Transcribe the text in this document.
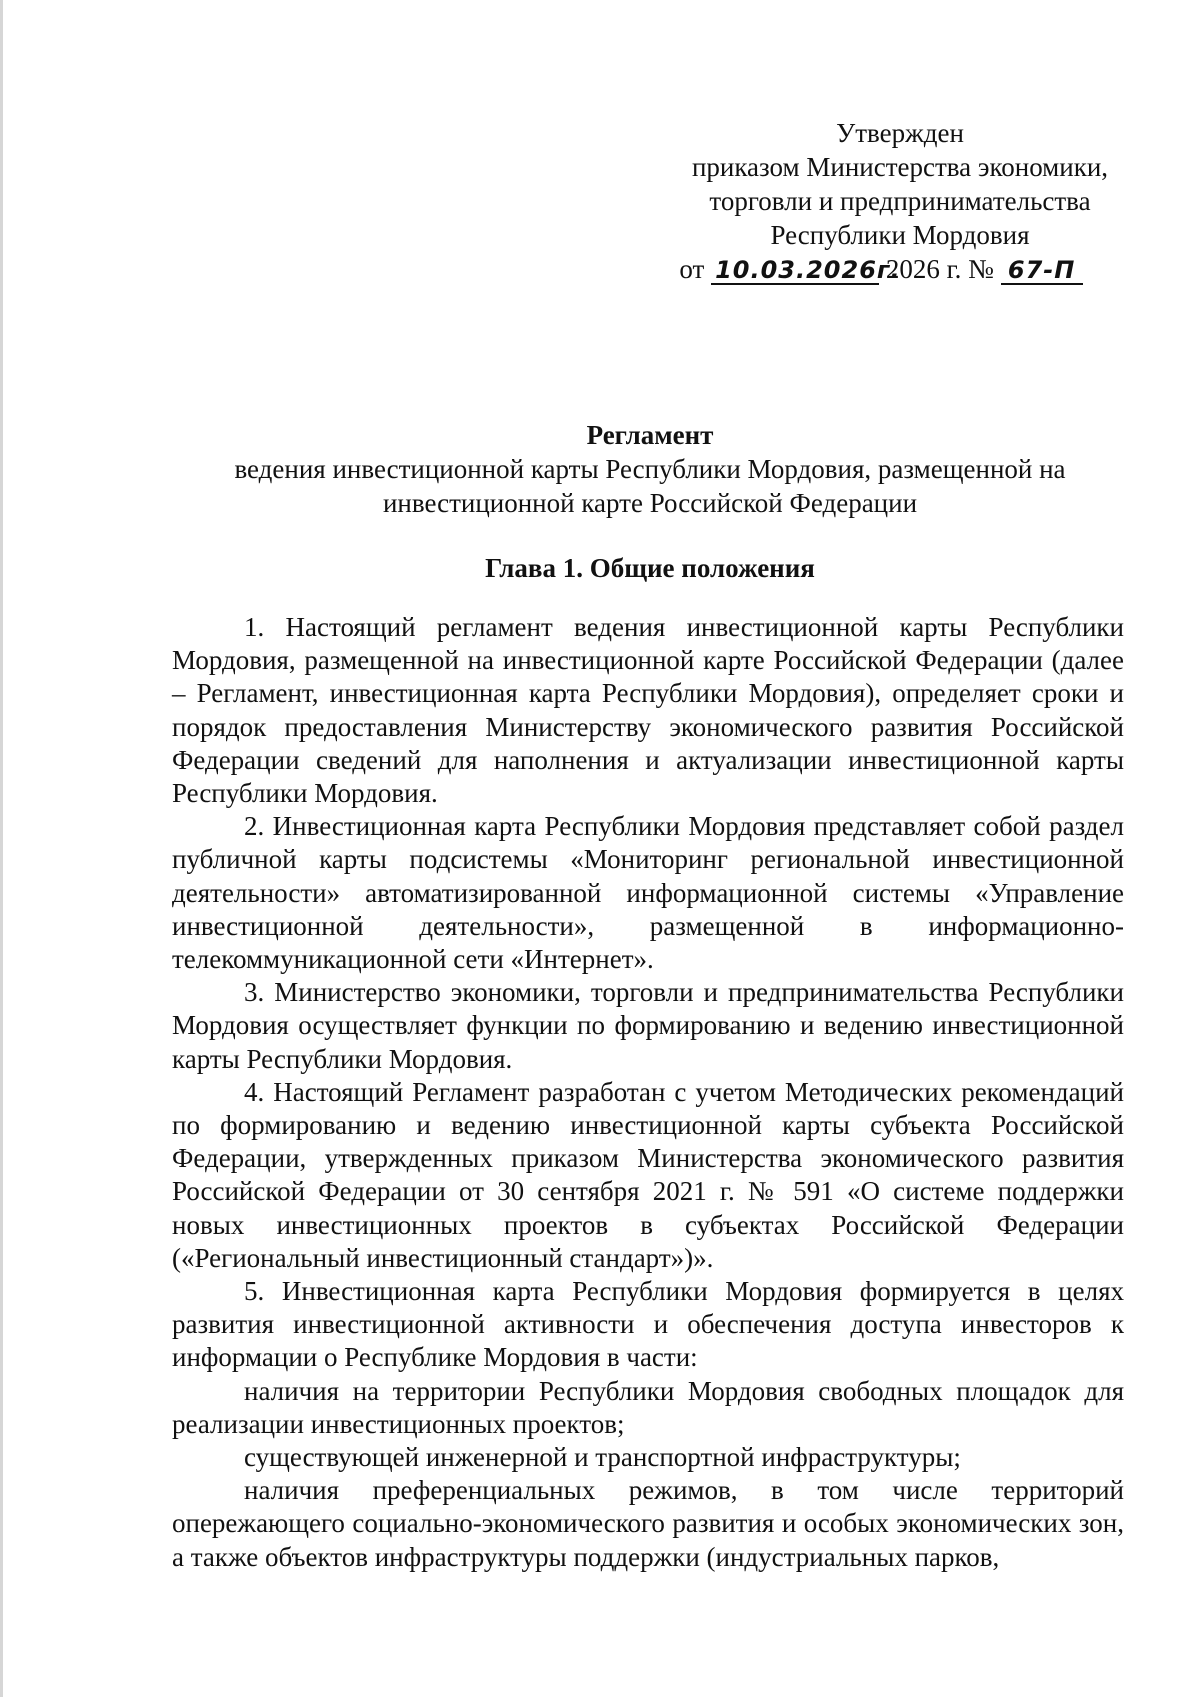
Утвержден
приказом Министерства экономики,
торговли и предпринимательства
Республики Мордовия
от 10.03.2026г. 2026 г. № 67-П
Регламент
ведения инвестиционной карты Республики Мордовия, размещенной на
инвестиционной карте Российской Федерации
Глава 1. Общие положения

1. Настоящий регламент ведения инвестиционной карты Республики Мордовия, размещенной на инвестиционной карте Российской Федерации (далее – Регламент, инвестиционная карта Республики Мордовия), определяет сроки и порядок предоставления Министерству экономического развития Российской Федерации сведений для наполнения и актуализации инвестиционной карты Республики Мордовия.

2. Инвестиционная карта Республики Мордовия представляет собой раздел публичной карты подсистемы «Мониторинг региональной инвестиционной деятельности» автоматизированной информационной системы «Управление инвестиционной деятельности», размещенной в информационно-телекоммуникационной сети «Интернет».

3. Министерство экономики, торговли и предпринимательства Республики Мордовия осуществляет функции по формированию и ведению инвестиционной карты Республики Мордовия.

4. Настоящий Регламент разработан с учетом Методических рекомендаций по формированию и ведению инвестиционной карты субъекта Российской Федерации, утвержденных приказом Министерства экономического развития Российской Федерации от 30 сентября 2021 г. № 591 «О системе поддержки новых инвестиционных проектов в субъектах Российской Федерации («Региональный инвестиционный стандарт»)».

5. Инвестиционная карта Республики Мордовия формируется в целях развития инвестиционной активности и обеспечения доступа инвесторов к информации о Республике Мордовия в части:

наличия на территории Республики Мордовия свободных площадок для реализации инвестиционных проектов;

существующей инженерной и транспортной инфраструктуры;

наличия преференциальных режимов, в том числе территорий опережающего социально-экономического развития и особых экономических зон, а также объектов инфраструктуры поддержки (индустриальных парков,
